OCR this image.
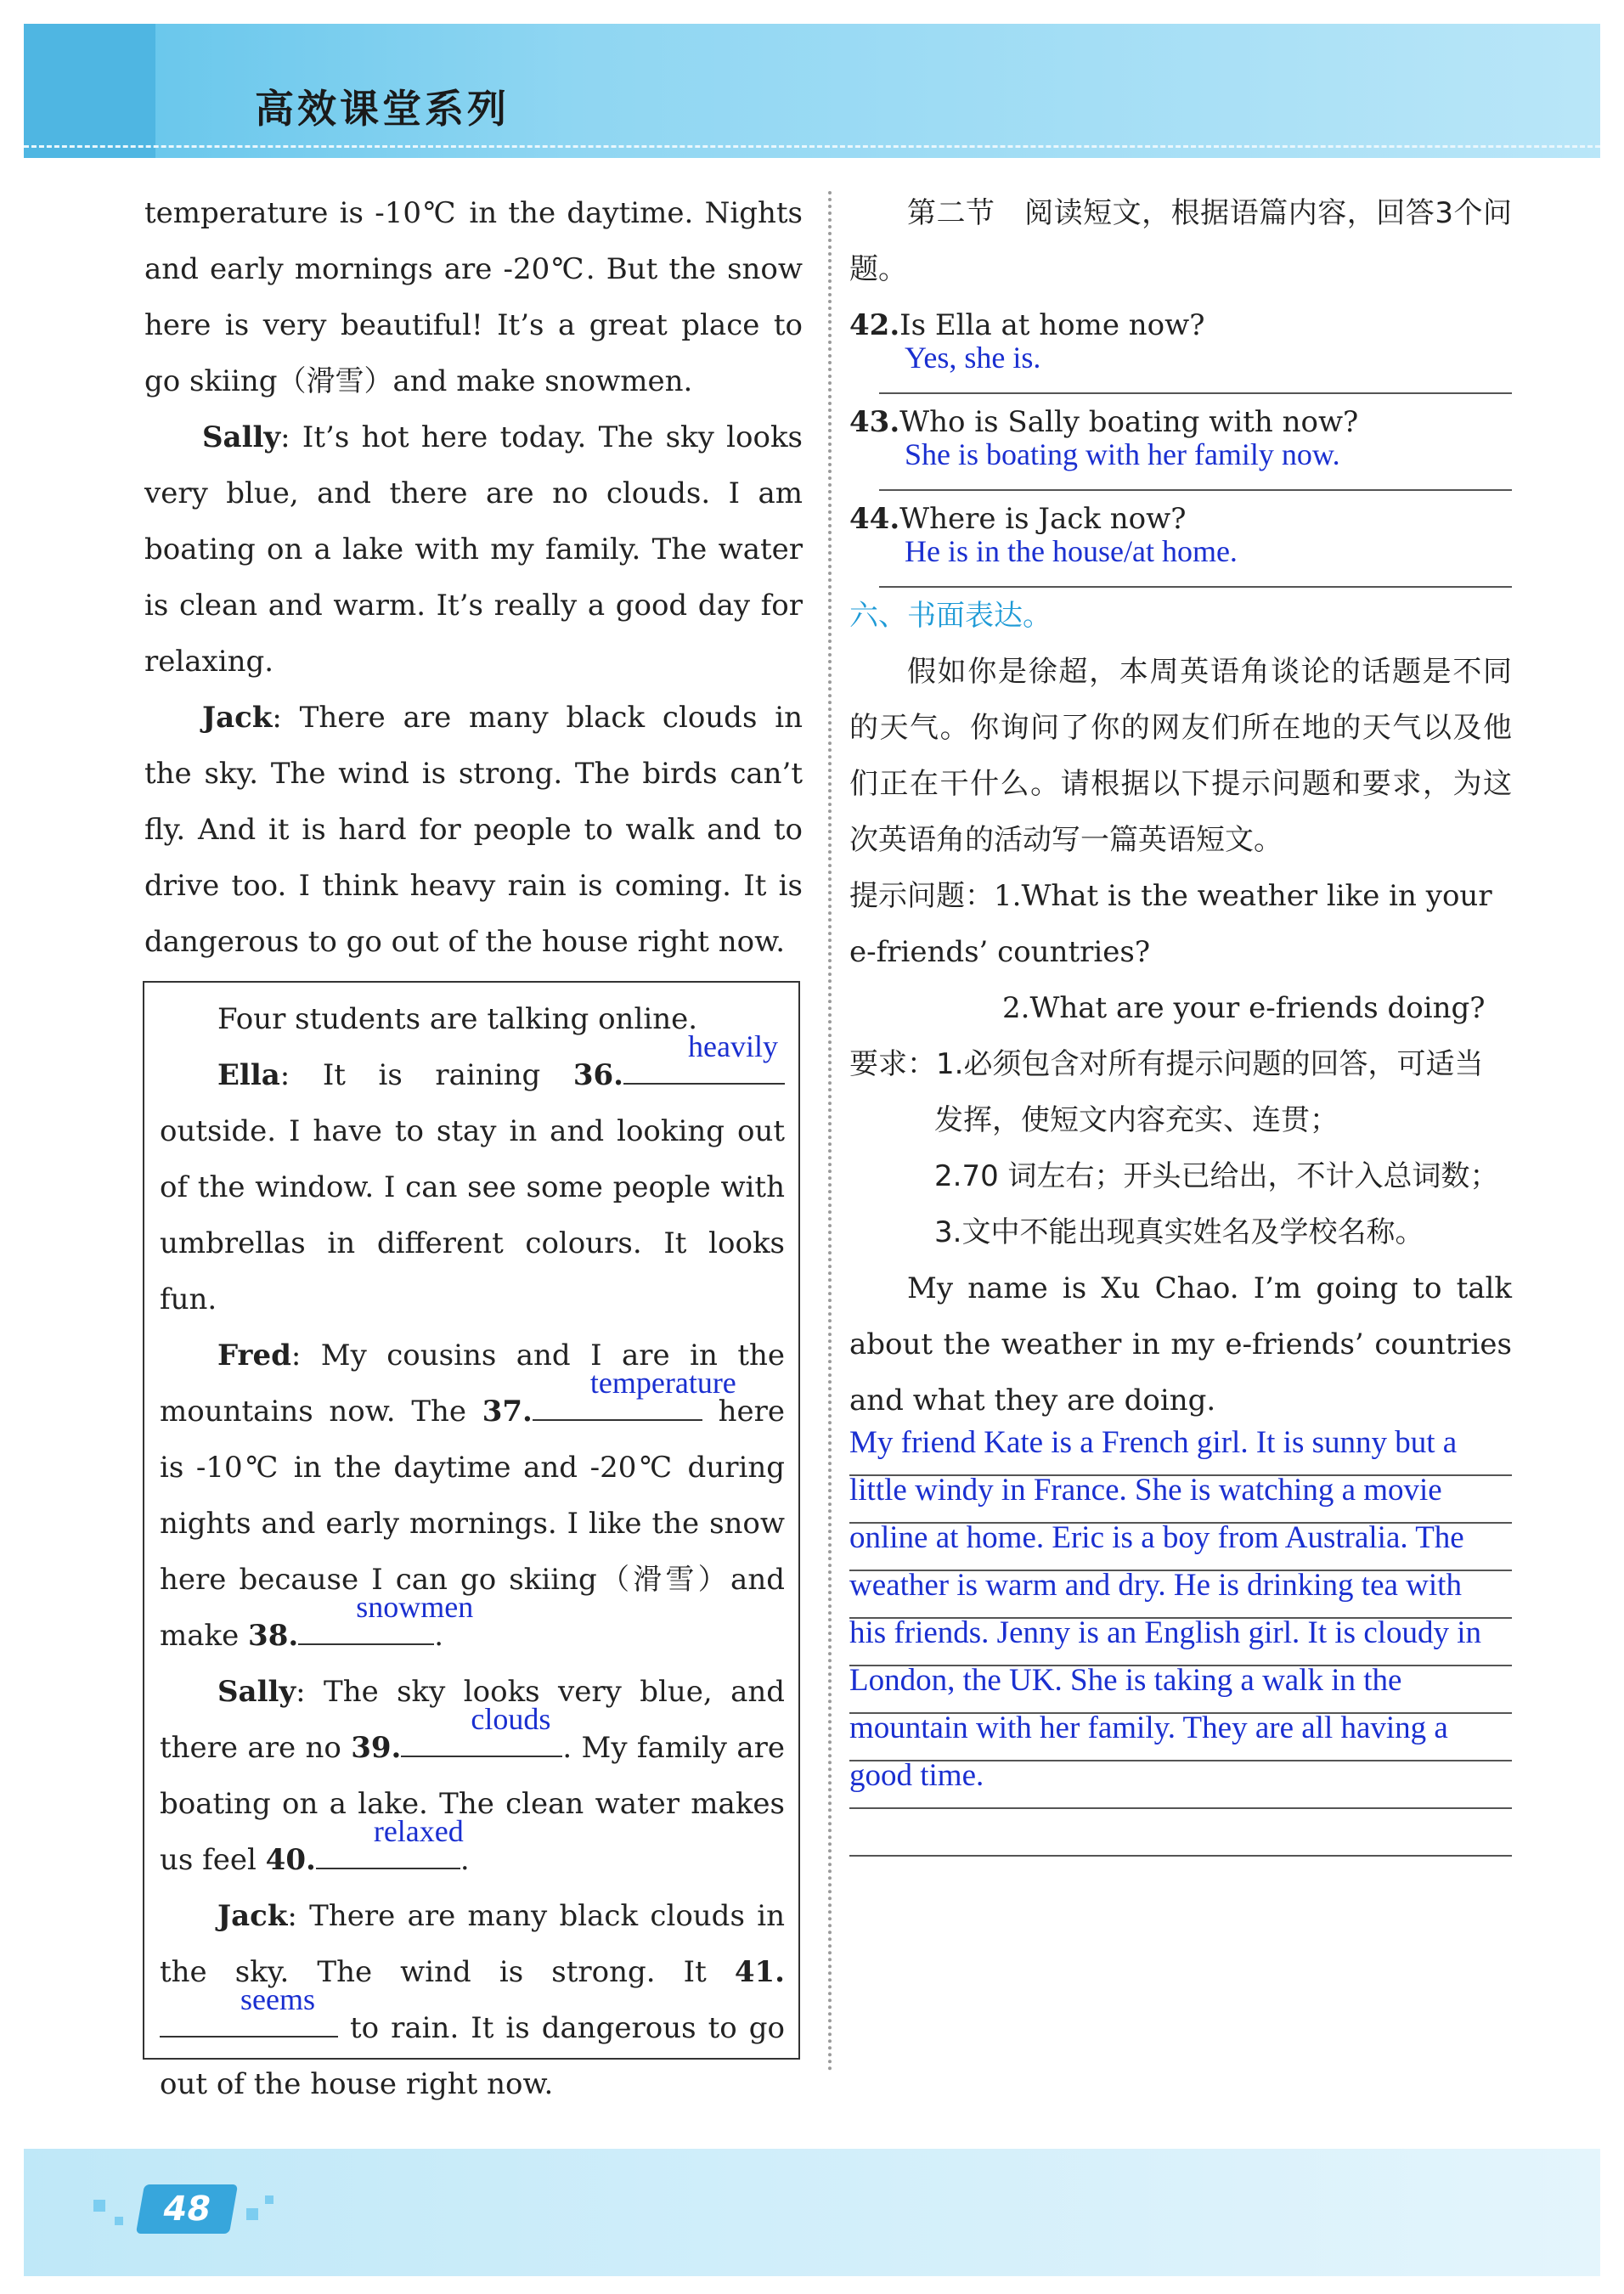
高效课堂系列

temperature is -10℃ in the daytime. Nights and early mornings are -20℃. But the snow here is very beautiful! It’s a great place to go skiing（滑雪）and make snowmen.

Sally: It’s hot here today. The sky looks very blue, and there are no clouds. I am boating on a lake with my family. The water is clean and warm. It’s really a good day for relaxing.

Jack: There are many black clouds in the sky. The wind is strong. The birds can’t fly. And it is hard for people to walk and to drive too. I think heavy rain is coming. It is dangerous to go out of the house right now.

Four students are talking online.

Ella: It is raining 36.
heavily
outside. I have to stay in and looking out of the window. I can see some people with umbrellas in different colours. It looks fun.

Fred: My cousins and I are in the mountains now. The 37.
temperature
here is -10℃ in the daytime and -20℃ during nights and early mornings. I like the snow here because I can go skiing（滑雪）and make 38.
snowmen
.

Sally: The sky looks very blue, and there are no 39.
clouds
. My family are boating on a lake. The clean water makes us feel 40.
relaxed
.

Jack: There are many black clouds in the sky. The wind is strong. It 41.
seems
to rain. It is dangerous to go out of the house right now.

第二节　阅读短文，根据语篇内容，回答3个问题。

42.Is Ella at home now?
Yes, she is.
43.Who is Sally boating with now?
She is boating with her family now.
44.Where is Jack now?
He is in the house/at home.
六、书面表达。

假如你是徐超，本周英语角谈论的话题是不同的天气。你询问了你的网友们所在地的天气以及他们正在干什么。请根据以下提示问题和要求，为这次英语角的活动写一篇英语短文。

提示问题：1.What is the weather like in your e-friends’ countries?
2.What are your e-friends doing?
要求：1.必须包含对所有提示问题的回答，可适当发挥，使短文内容充实、连贯；
2.70 词左右；开头已给出，不计入总词数；
3.文中不能出现真实姓名及学校名称。

My name is Xu Chao. I’m going to talk about the weather in my e-friends’ countries and what they are doing.

My friend Kate is a French girl. It is sunny but a
little windy in France. She is watching a movie
online at home. Eric is a boy from Australia. The
weather is warm and dry. He is drinking tea with
his friends. Jenny is an English girl. It is cloudy in
London, the UK. She is taking a walk in the
mountain with her family. They are all having a
good time.
48
